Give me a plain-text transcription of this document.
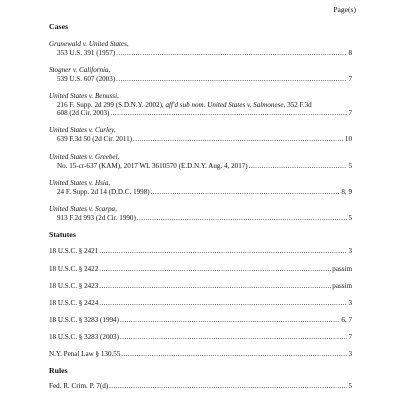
Page(s)
Cases
Grunewald v. United States,
353 U.S. 391 (1957) .....	8
Stogner v. California,
539 U.S. 607 (2003) .....	7
United States v. Benussi,
216 F. Supp. 2d 299 (S.D.N.Y. 2002), aff'd sub nom. United States v. Salmonese, 352 F.3d
608 (2d Cir. 2003) .....	7
United States v. Curley,
639 F.3d 50 (2d Cir. 2011) .....	10
United States v. Greebel,
No. 15-cr-637 (KAM), 2017 WL 3610570 (E.D.N.Y. Aug. 4, 2017) .....	5
United States v. Hsia,
24 F. Supp. 2d 14 (D.D.C. 1998) .....	8, 9
United States v. Scarpa,
913 F.2d 993 (2d Cir. 1990) .....	5
Statutes
18 U.S.C. § 2421 .....	3
18 U.S.C. § 2422 .....	passim
18 U.S.C. § 2423 .....	passim
18 U.S.C. § 2424 .....	3
18 U.S.C. § 3283 (1994) .....	6, 7
18 U.S.C. § 3283 (2003) .....	7
N.Y. Penal Law § 130.55 .....	3
Rules
Fed. R. Crim. P. 7(d) .....	5
